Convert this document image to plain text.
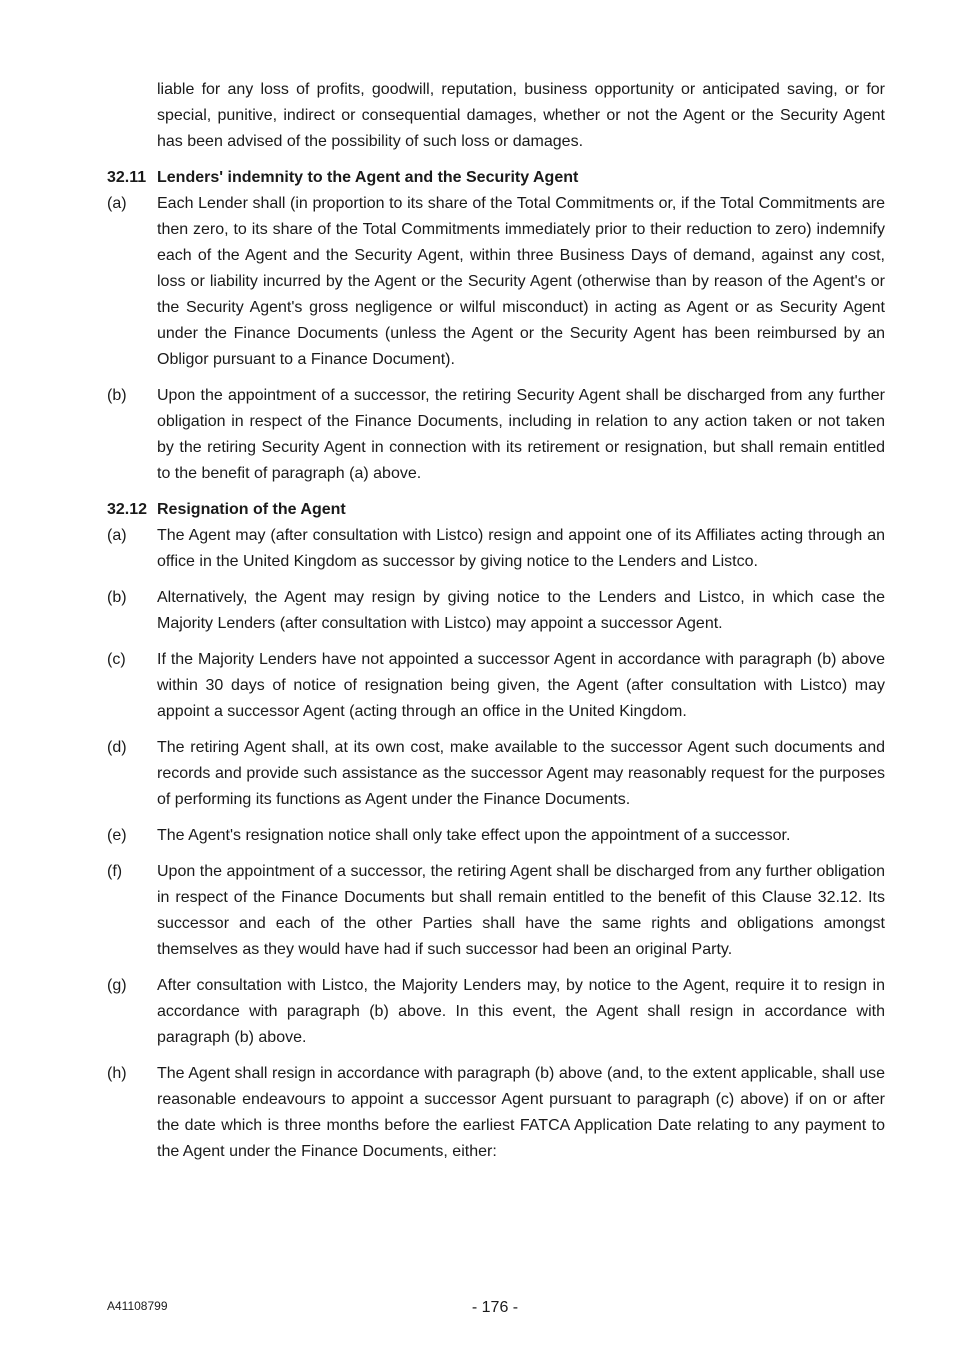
liable for any loss of profits, goodwill, reputation, business opportunity or anticipated saving, or for special, punitive, indirect or consequential damages, whether or not the Agent or the Security Agent has been advised of the possibility of such loss or damages.

32.11 Lenders' indemnity to the Agent and the Security Agent
(a)	Each Lender shall (in proportion to its share of the Total Commitments or, if the Total Commitments are then zero, to its share of the Total Commitments immediately prior to their reduction to zero) indemnify each of the Agent and the Security Agent, within three Business Days of demand, against any cost, loss or liability incurred by the Agent or the Security Agent (otherwise than by reason of the Agent's or the Security Agent's gross negligence or wilful misconduct) in acting as Agent or as Security Agent under the Finance Documents (unless the Agent or the Security Agent has been reimbursed by an Obligor pursuant to a Finance Document).

(b)	Upon the appointment of a successor, the retiring Security Agent shall be discharged from any further obligation in respect of the Finance Documents, including in relation to any action taken or not taken by the retiring Security Agent in connection with its retirement or resignation, but shall remain entitled to the benefit of paragraph (a) above.

32.12 Resignation of the Agent
(a)	The Agent may (after consultation with Listco) resign and appoint one of its Affiliates acting through an office in the United Kingdom as successor by giving notice to the Lenders and Listco.

(b)	Alternatively, the Agent may resign by giving notice to the Lenders and Listco, in which case the Majority Lenders (after consultation with Listco) may appoint a successor Agent.

(c)	If the Majority Lenders have not appointed a successor Agent in accordance with paragraph (b) above within 30 days of notice of resignation being given, the Agent (after consultation with Listco) may appoint a successor Agent (acting through an office in the United Kingdom.

(d)	The retiring Agent shall, at its own cost, make available to the successor Agent such documents and records and provide such assistance as the successor Agent may reasonably request for the purposes of performing its functions as Agent under the Finance Documents.

(e)	The Agent's resignation notice shall only take effect upon the appointment of a successor.

(f)	Upon the appointment of a successor, the retiring Agent shall be discharged from any further obligation in respect of the Finance Documents but shall remain entitled to the benefit of this Clause 32.12. Its successor and each of the other Parties shall have the same rights and obligations amongst themselves as they would have had if such successor had been an original Party.

(g)	After consultation with Listco, the Majority Lenders may, by notice to the Agent, require it to resign in accordance with paragraph (b) above. In this event, the Agent shall resign in accordance with paragraph (b) above.

(h)	The Agent shall resign in accordance with paragraph (b) above (and, to the extent applicable, shall use reasonable endeavours to appoint a successor Agent pursuant to paragraph (c) above) if on or after the date which is three months before the earliest FATCA Application Date relating to any payment to the Agent under the Finance Documents, either:

A41108799	- 176 -
